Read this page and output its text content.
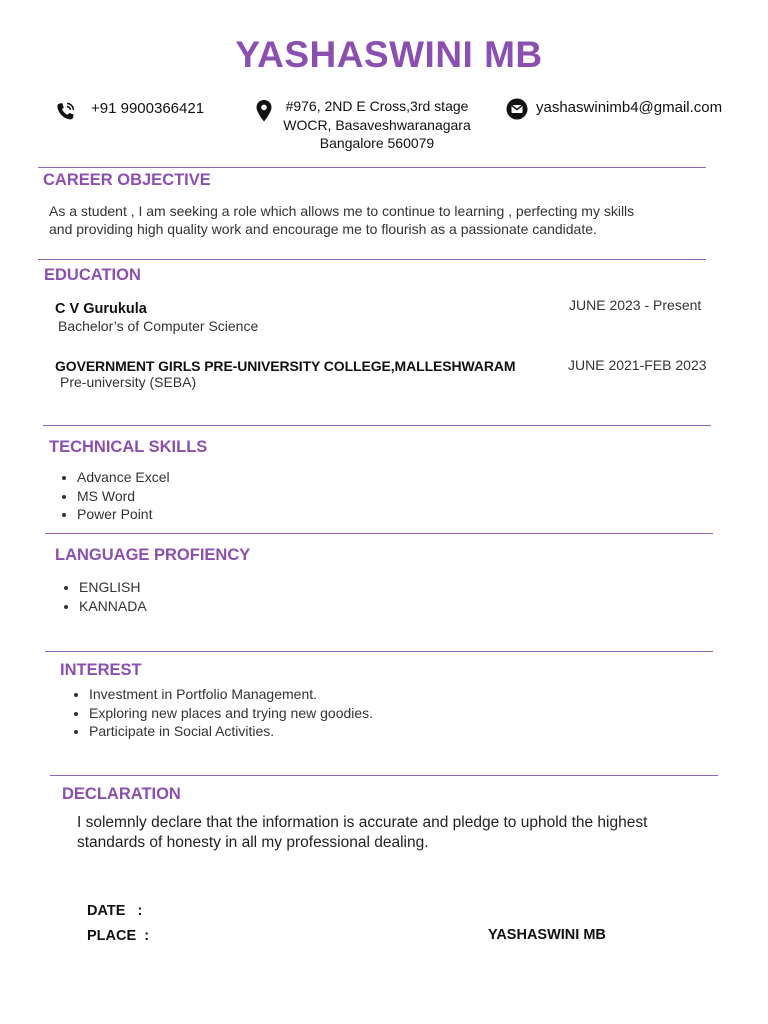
YASHASWINI MB
+91 9900366421	#976, 2ND E Cross,3rd stage
WOCR, Basaveshwaranagara
Bangalore 560079
yashaswinimb4@gmail.com
CAREER OBJECTIVE
As a student , I am seeking a role which allows me to continue to learning , perfecting my skills
and providing high quality work and encourage me to flourish as a passionate candidate.
EDUCATION
C V Gurukula
Bachelor’s of Computer Science
JUNE 2023 - Present
GOVERNMENT GIRLS PRE-UNIVERSITY COLLEGE,MALLESHWARAM
Pre-university (SEBA)
JUNE 2021-FEB 2023
TECHNICAL SKILLS
• Advance Excel
• MS Word
• Power Point
LANGUAGE PROFIENCY
• ENGLISH
• KANNADA
INTEREST
• Investment in Portfolio Management.
• Exploring new places and trying new goodies.
• Participate in Social Activities.
DECLARATION
I solemnly declare that the information is accurate and pledge to uphold the highest
standards of honesty in all my professional dealing.
DATE   :
PLACE  :	YASHASWINI MB
